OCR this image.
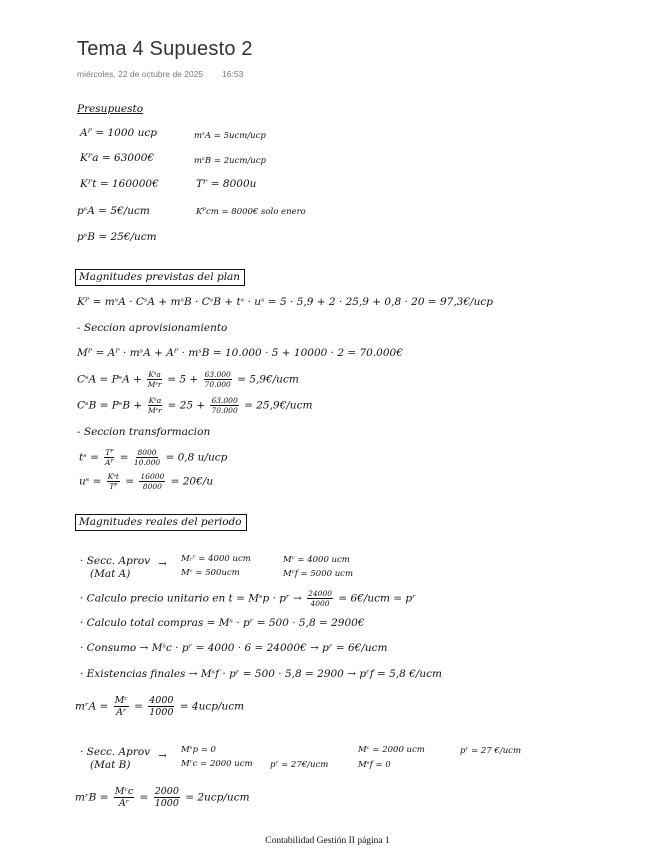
Tema 4 Supuesto 2
miércoles, 22 de octubre de 2025 16:53
Presupuesto
Aᴾ = 1000 ucp	mˢA = 5ucm/ucp
Kᴾa = 63000€	mˢB = 2ucm/ucp
Kᴾt = 160000€	Tᴾ = 8000u
pˢA = 5€/ucm	Kᴾcm = 8000€ solo enero
pˢB = 25€/ucm
Magnitudes previstas del plan
Kᴾ = mˢA · CˢA + mˢB · CˢB + tˢ · uˢ = 5 · 5,9 + 2 · 25,9 + 0,8 · 20 = 97,3€/ucp
- Seccion aprovisionamiento
Mᴾ = Aᴾ · mˢA + Aᴾ · mˢB = 10.000 · 5 + 10000 · 2 = 70.000€
CˢA = PˢA + $\frac{\text{Kˢa}}{\text{Mˢr}} = 5 + \frac{63.000}{70.000}$ = 5,9€/ucm
CˢB = PˢB + $\frac{\text{Kˢa}}{\text{Mˢr}} = 25 + \frac{63.000}{70.000}$ = 25,9€/ucm
- Seccion transformacion
tˢ = $\frac{\text{Tᴾ}}{\text{Aᴾ}} = \frac{8000}{10.000} = 0,8$ u/ucp
uˢ = $\frac{\text{Kˢt}}{\text{Tᴾ}} = \frac{16000}{8000}$ = 20€/u
Magnitudes reales del periodo
· Secc. Aprov
(Mat A)
→ Mᵣʳ = 4000 ucm
Mᶜ = 500ucm
Mᶜ = 4000 ucm
Mᶜf = 5000 ucm
· Calculo precio unitario en t = Mˢp · pʳ → $\frac{24000}{4000}$ = 6€/ucm = pʳ
· Calculo total compras = Mˢ · pʳ = 500 · 5,8 = 2900€
· Consumo → Mˢc · pʳ = 4000 · 6 = 24000€ → pʳ = 6€/ucm
· Existencias finales → Mˢf · pʳ = 500 · 5,8 = 2900 → pʳf = 5,8 €/ucm
mʳA = $\frac{\text{Mᶜ}}{\text{Aʳ}} = \frac{4000}{1000} = 4ucp/ucm$
· Secc. Aprov
(Mat B)
→ Mˢp = 0
Mʳc = 2000 ucm pʳ = 27€/ucm
Mᶜ = 2000 ucm	pʳ = 27 €/ucm
Mˢf = 0
mʳB = $\frac{\text{Mᶜc}}{\text{Aʳ}} = \frac{2000}{1000} = 2ucp/ucm$
Contabilidad Gestión II página 1
